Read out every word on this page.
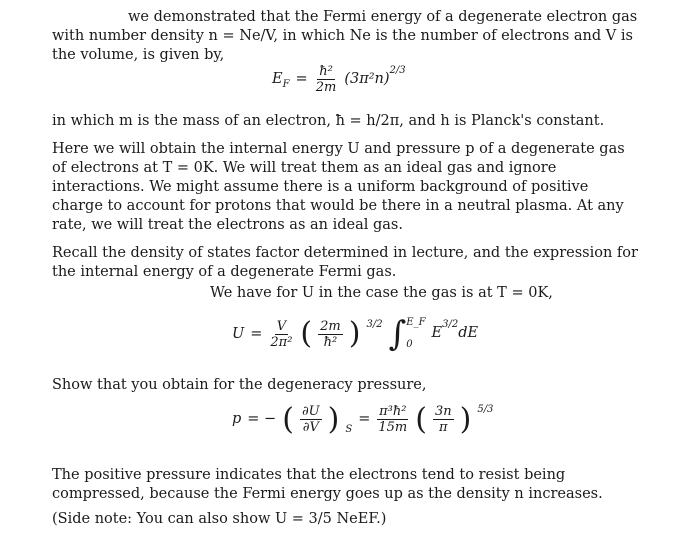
we demonstrated that the Fermi energy of a degenerate electron gas with number density n = Ne/V, in which Ne is the number of electrons and V is the volume, is given by,

$E_F = \frac{\text{ħ²}}{2m} (3\pi^2n)^{2/3}$

in which m is the mass of an electron, ħ = h/2π, and h is Planck's constant.

Here we will obtain the internal energy U and pressure p of a degenerate gas of electrons at T = 0K. We will treat them as an ideal gas and ignore interactions. We might assume there is a uniform background of positive charge to account for protons that would be there in a neutral plasma. At any rate, we will treat the electrons as an ideal gas.

Recall the density of states factor determined in lecture, and the expression for the internal energy of a degenerate Fermi gas.

We have for U in the case the gas is at T = 0K,

$U = \frac{V}{\text{2π²}}$ ( $\frac{2m}{\text{ħ²}}$ ) 3/2 ∫ E_F
0
$E^{3/2}dE$

Show that you obtain for the degeneracy pressure,

p = − ( $\frac{\partial U}{\partial V}$ ) S
= $\frac{\text{π³ħ²}}{15m}$ ( $\frac{3n}{\pi}$ ) 5/3

The positive pressure indicates that the electrons tend to resist being compressed, because the Fermi energy goes up as the density n increases.

(Side note: You can also show U = 3/5 NeEF.)
